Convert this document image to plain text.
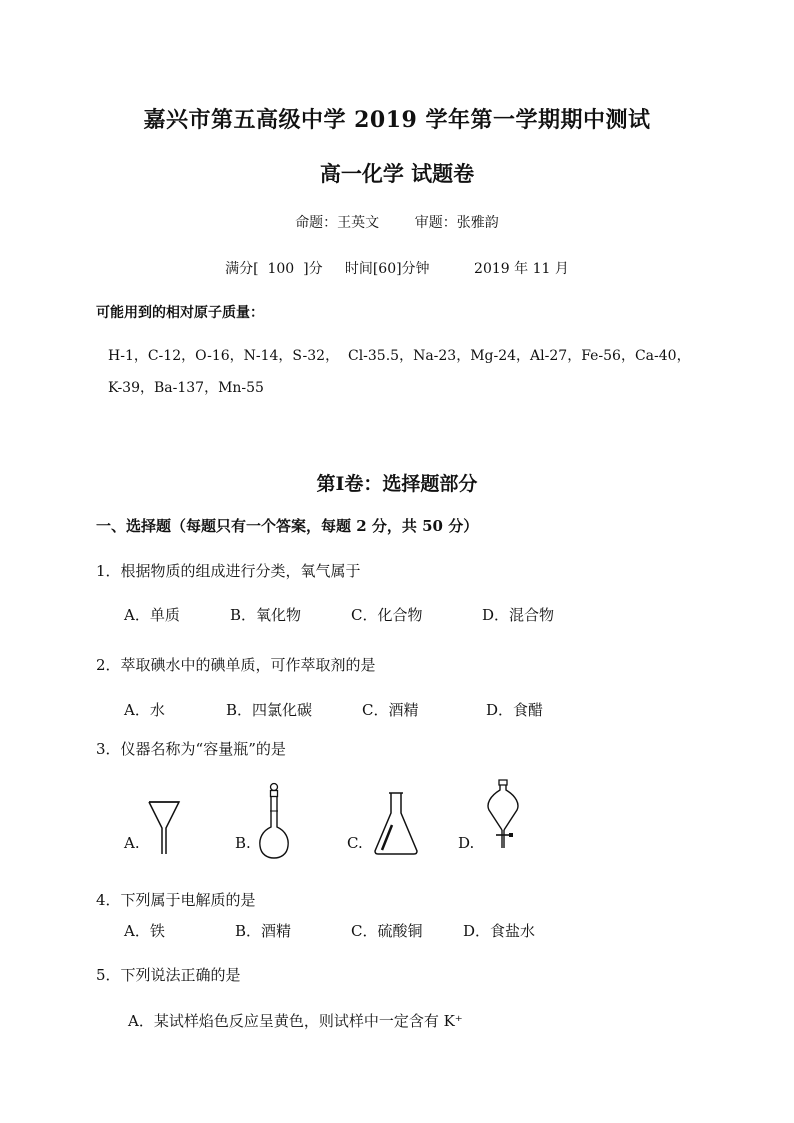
嘉兴市第五高级中学 2019 学年第一学期期中测试
高一化学 试题卷
命题：王英文        审题：张雅韵
满分[  100  ]分     时间[60]分钟          2019 年 11 月
可能用到的相对原子质量：
H-1，C-12，O-16，N-14，S-32，  Cl-35.5，Na-23，Mg-24，Al-27，Fe-56，Ca-40，
K-39，Ba-137，Mn-55
第Ⅰ卷：选择题部分
一、选择题（每题只有一个答案，每题 2 分，共 50 分）
1．根据物质的组成进行分类，氧气属于
A．单质	B．氧化物	C．化合物	D．混合物
2．萃取碘水中的碘单质，可作萃取剂的是
A．水	B．四氯化碳	C．酒精	D．食醋
3．仪器名称为“容量瓶”的是
A.	B.	C.	D.
4．下列属于电解质的是
A．铁	B．酒精	C．硫酸铜	D．食盐水
5．下列说法正确的是
A．某试样焰色反应呈黄色，则试样中一定含有 K⁺
